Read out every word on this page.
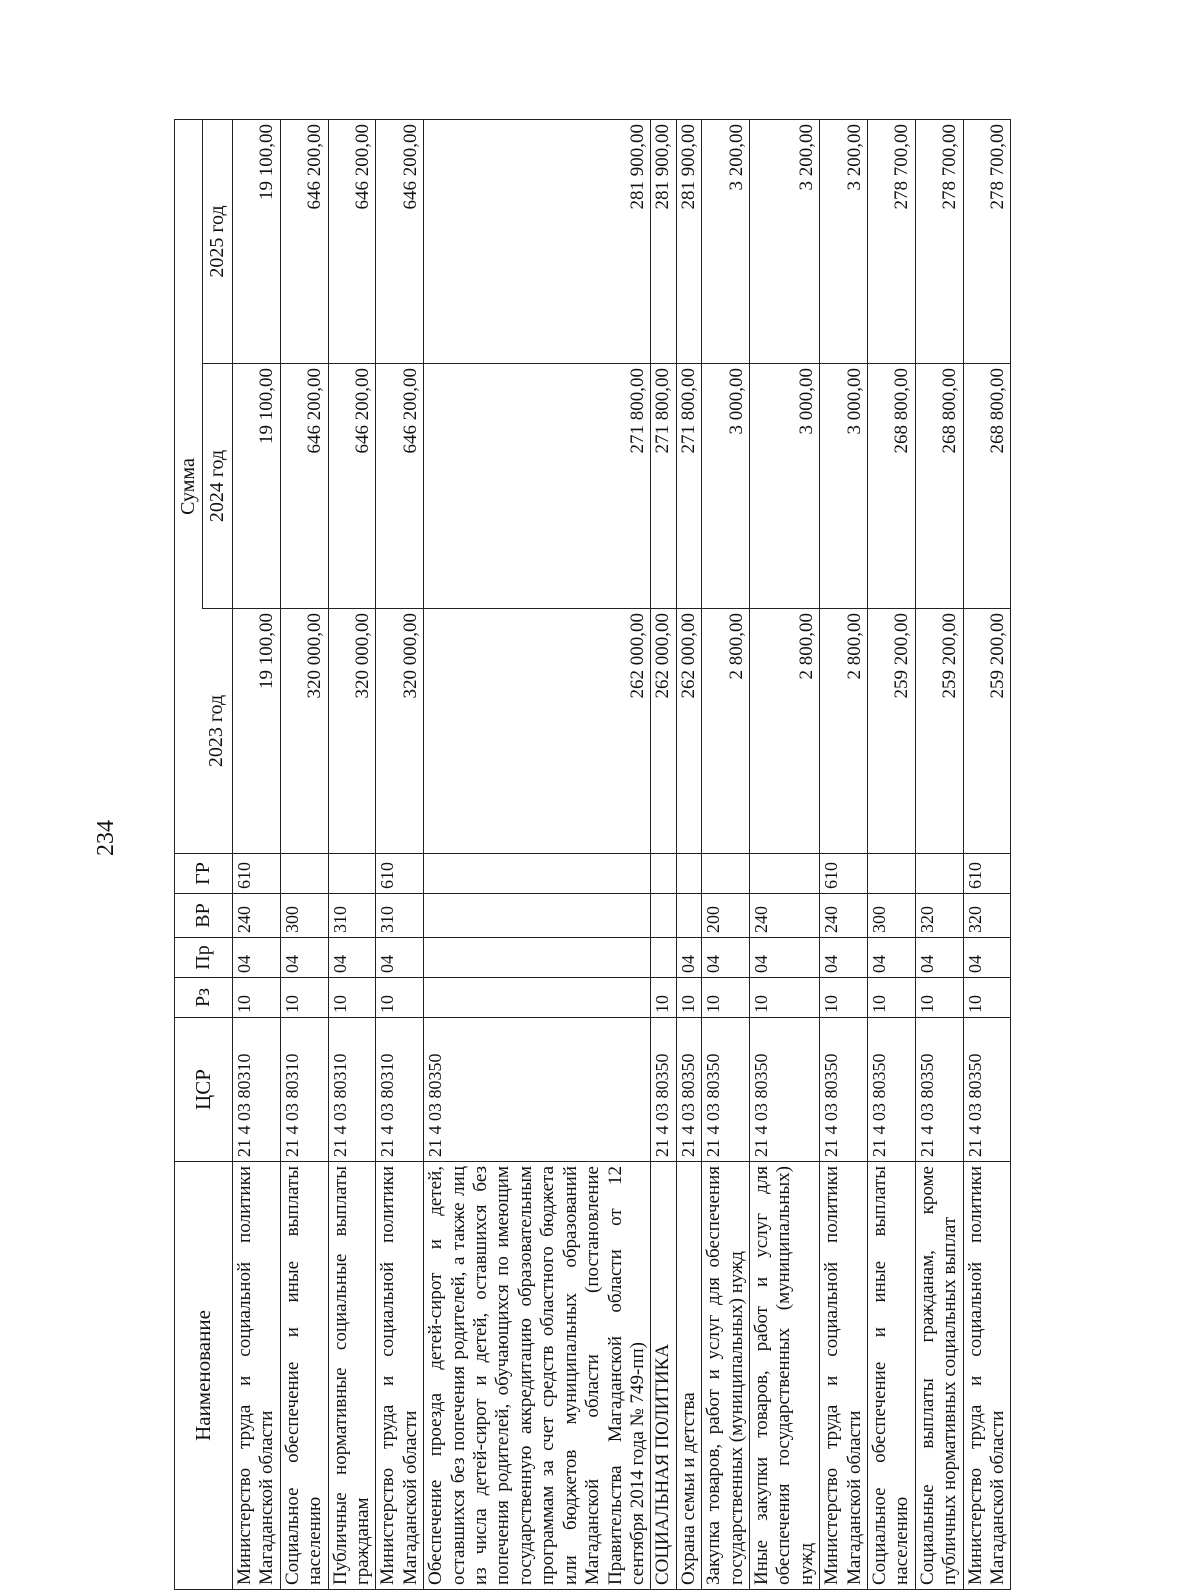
234
Наименование	ЦСР	Рз	Пр	ВР	ГР	Сумма		
						2023 год	2024 год	2025 год
Министерство труда и социальной политики Магаданской области	21 4 03 80310	10	04	240	610	19 100,00	19 100,00	19 100,00
Социальное обеспечение и иные выплаты населению	21 4 03 80310	10	04	300		320 000,00	646 200,00	646 200,00
Публичные нормативные социальные выплаты гражданам	21 4 03 80310	10	04	310		320 000,00	646 200,00	646 200,00
Министерство труда и социальной политики Магаданской области	21 4 03 80310	10	04	310	610	320 000,00	646 200,00	646 200,00
Обеспечение проезда детей-сирот и детей, оставшихся без попечения родителей, а также лиц из числа детей-сирот и детей, оставшихся без попечения родителей, обучающихся по имеющим государственную аккредитацию образовательным программам за счет средств областного бюджета или бюджетов муниципальных образований Магаданской области (постановление Правительства Магаданской области от 12 сентября 2014 года № 749-пп)	21 4 03 80350					262 000,00	271 800,00	281 900,00
СОЦИАЛЬНАЯ ПОЛИТИКА	21 4 03 80350	10				262 000,00	271 800,00	281 900,00
Охрана семьи и детства	21 4 03 80350	10	04			262 000,00	271 800,00	281 900,00
Закупка товаров, работ и услуг для обеспечения государственных (муниципальных) нужд	21 4 03 80350	10	04	200		2 800,00	3 000,00	3 200,00
Иные закупки товаров, работ и услуг для обеспечения государственных (муниципальных) нужд	21 4 03 80350	10	04	240		2 800,00	3 000,00	3 200,00
Министерство труда и социальной политики Магаданской области	21 4 03 80350	10	04	240	610	2 800,00	3 000,00	3 200,00
Социальное обеспечение и иные выплаты населению	21 4 03 80350	10	04	300		259 200,00	268 800,00	278 700,00
Социальные выплаты гражданам, кроме публичных нормативных социальных выплат	21 4 03 80350	10	04	320		259 200,00	268 800,00	278 700,00
Министерство труда и социальной политики Магаданской области	21 4 03 80350	10	04	320	610	259 200,00	268 800,00	278 700,00
